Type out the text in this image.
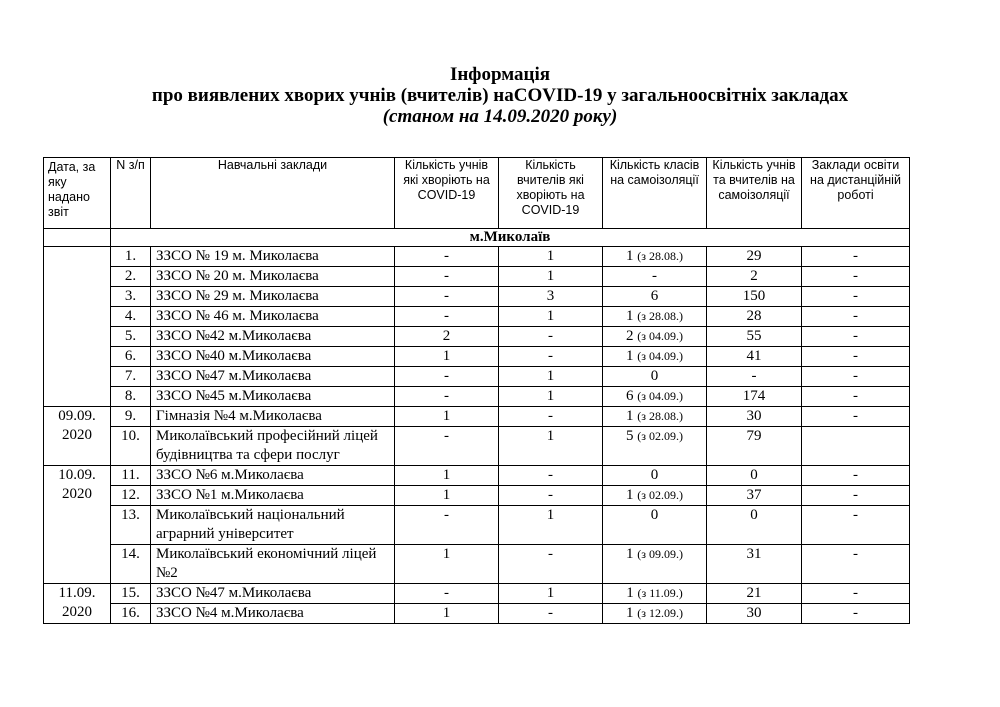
Інформація
про виявлених хворих учнів (вчителів) наCOVID-19 у загальноосвітніх закладах
(станом на 14.09.2020 року)
Дата, за яку надано звіт	N з/п	Навчальні заклади	Кількість учнів які хворіють на COVID-19	Кількість вчителів які хворіють на COVID-19	Кількість класів на самоізоляції	Кількість учнів та вчителів на самоізоляції	Заклади освіти на дистанційній роботі
	м.Миколаїв						
	1.	ЗЗСО № 19 м. Миколаєва	-	1	1 (з 28.08.)	29	-
	2.	ЗЗСО № 20 м. Миколаєва	-	1	-	2	-
	3.	ЗЗСО № 29 м. Миколаєва	-	3	6	150	-
	4.	ЗЗСО № 46 м. Миколаєва	-	1	1 (з 28.08.)	28	-
	5.	ЗЗСО №42 м.Миколаєва	2	-	2 (з 04.09.)	55	-
	6.	ЗЗСО №40 м.Миколаєва	1	-	1 (з 04.09.)	41	-
	7.	ЗЗСО №47 м.Миколаєва	-	1	0	-	-
	8.	ЗЗСО №45 м.Миколаєва	-	1	6 (з 04.09.)	174	-
09.09. 2020	9.	Гімназія №4 м.Миколаєва	1	-	1 (з 28.08.)	30	-
	10.	Миколаївський професійний ліцей будівництва та сфери послуг	-	1	5 (з 02.09.)	79	
10.09. 2020	11.	ЗЗСО №6 м.Миколаєва	1	-	0	0	-
	12.	ЗЗСО №1 м.Миколаєва	1	-	1 (з 02.09.)	37	-
	13.	Миколаївський національний аграрний університет	-	1	0	0	-
	14.	Миколаївський економічний ліцей №2	1	-	1 (з 09.09.)	31	-
11.09. 2020	15.	ЗЗСО №47 м.Миколаєва	-	1	1 (з 11.09.)	21	-
	16.	ЗЗСО №4 м.Миколаєва	1	-	1 (з 12.09.)	30	-
